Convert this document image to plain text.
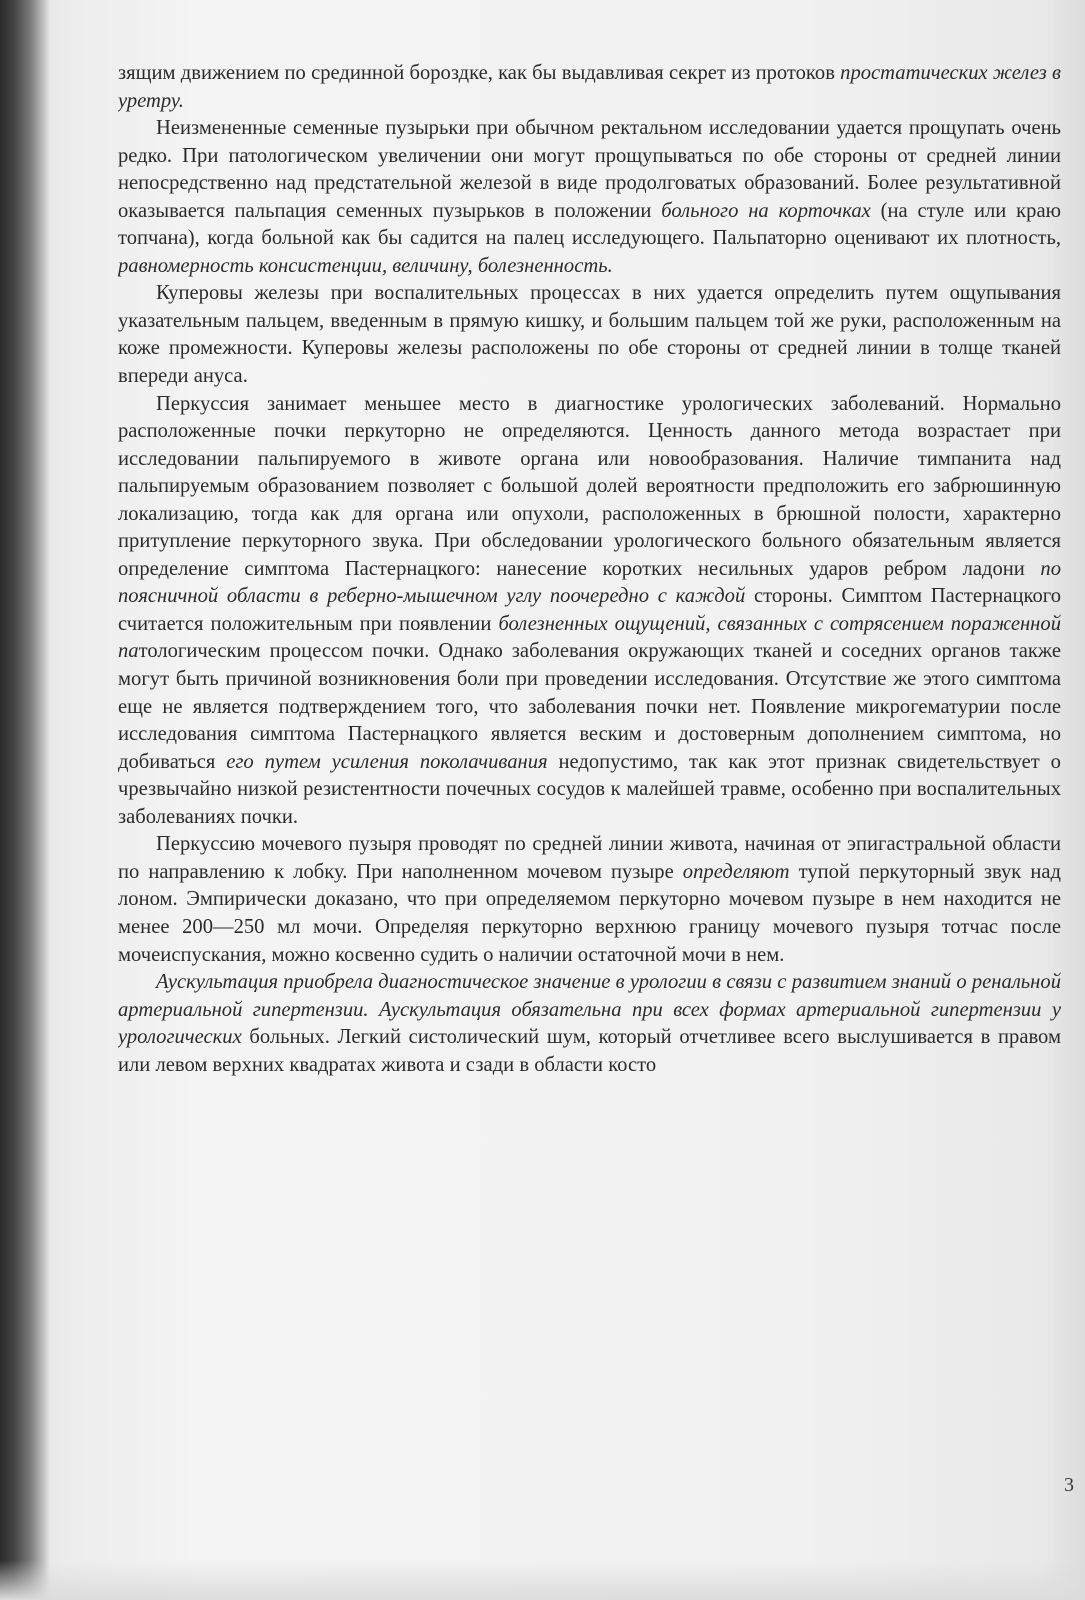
зящим движением по срединной бороздке, как бы выдавливая секрет из протоков простатических желез в уретру.

Неизмененные семенные пузырьки при обычном ректальном исследовании удается прощупать очень редко. При патологическом увеличении они могут прощупываться по обе стороны от средней линии непосредственно над предстательной железой в виде продолговатых образований. Более результативной оказывается пальпация семенных пузырьков в положении больного на корточках (на стуле или краю топчана), когда больной как бы садится на палец исследующего. Пальпаторно оценивают их плотность, равномерность консистенции, величину, болезненность.

Куперовы железы при воспалительных процессах в них удается определить путем ощупывания указательным пальцем, введенным в прямую кишку, и большим пальцем той же руки, расположенным на коже промежности. Куперовы железы расположены по обе стороны от средней линии в толще тканей впереди ануса.

Перкуссия занимает меньшее место в диагностике урологических заболеваний. Нормально расположенные почки перкуторно не определяются. Ценность данного метода возрастает при исследовании пальпируемого в животе органа или новообразования. Наличие тимпанита над пальпируемым образованием позволяет с большой долей вероятности предположить его забрюшинную локализацию, тогда как для органа или опухоли, расположенных в брюшной полости, характерно притупление перкуторного звука. При обследовании урологического больного обязательным является определение симптома Пастернацкого: нанесение коротких несильных ударов ребром ладони по поясничной области в реберно-мышечном углу поочередно с каждой стороны. Симптом Пастернацкого считается положительным при появлении болезненных ощущений, связанных с сотрясением пораженной патологическим процессом почки. Однако заболевания окружающих тканей и соседних органов также могут быть причиной возникновения боли при проведении исследования. Отсутствие же этого симптома еще не является подтверждением того, что заболевания почки нет. Появление микрогематурии после исследования симптома Пастернацкого является веским и достоверным дополнением симптома, но добиваться его путем усиления поколачивания недопустимо, так как этот признак свидетельствует о чрезвычайно низкой резистентности почечных сосудов к малейшей травме, особенно при воспалительных заболеваниях почки.

Перкуссию мочевого пузыря проводят по средней линии живота, начиная от эпигастральной области по направлению к лобку. При наполненном мочевом пузыре определяют тупой перкуторный звук над лоном. Эмпирически доказано, что при определяемом перкуторно мочевом пузыре в нем находится не менее 200—250 мл мочи. Определяя перкуторно верхнюю границу мочевого пузыря тотчас после мочеиспускания, можно косвенно судить о наличии остаточной мочи в нем.

Аускультация приобрела диагностическое значение в урологии в связи с развитием знаний о ренальной артериальной гипертензии. Аускультация обязательна при всех формах артериальной гипертензии у урологических больных. Легкий систолический шум, который отчетливее всего выслушивается в правом или левом верхних квадратах живота и сзади в области косто

3
